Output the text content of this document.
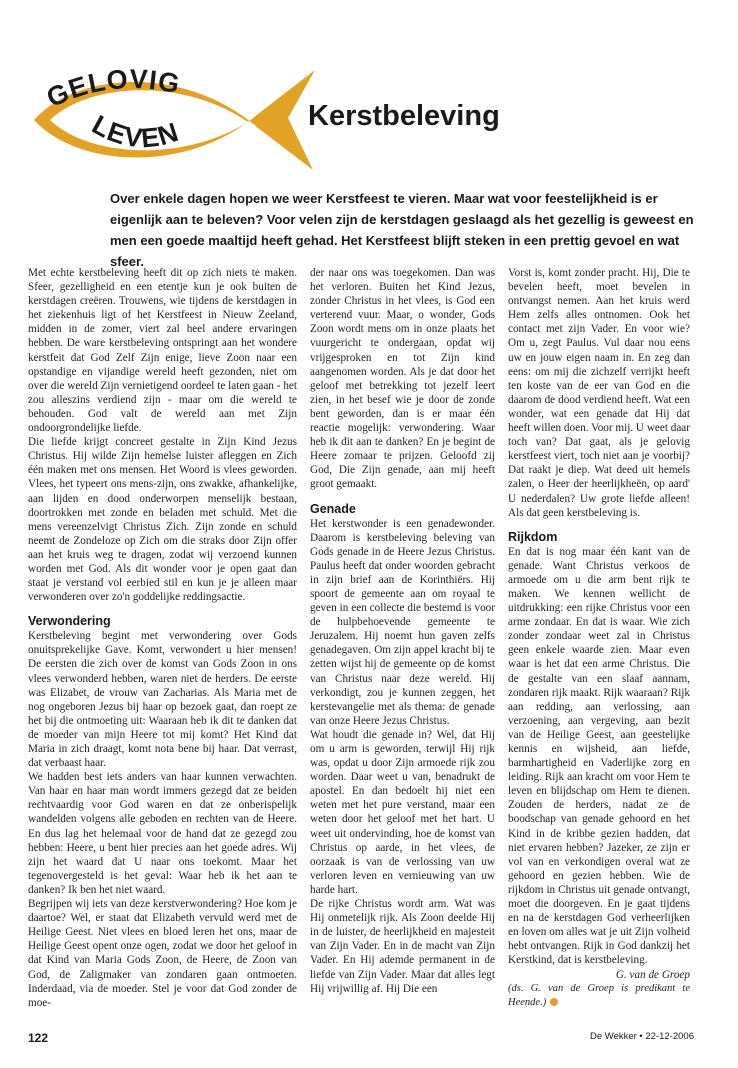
GELOVIG
LEVEN
Kerstbeleving

Over enkele dagen hopen we weer Kerstfeest te vieren. Maar wat voor feestelijkheid is er eigenlijk aan te beleven? Voor velen zijn de kerstdagen geslaagd als het gezellig is geweest en men een goede maaltijd heeft gehad. Het Kerstfeest blijft steken in een prettig gevoel en wat sfeer.

Met echte kerstbeleving heeft dit op zich niets te maken. Sfeer, gezelligheid en een etentje kun je ook buiten de kerstdagen creëren. Trouwens, wie tijdens de kerstdagen in het ziekenhuis ligt of het Kerstfeest in Nieuw Zeeland, midden in de zomer, viert zal heel andere ervaringen hebben. De ware kerstbeleving ontspringt aan het wondere kerstfeit dat God Zelf Zijn enige, lieve Zoon naar een opstandige en vijandige wereld heeft gezonden, niet om over die wereld Zijn vernietigend oordeel te laten gaan - het zou alleszins verdiend zijn - maar om die wereld te behouden. God valt de wereld aan met Zijn ondoorgrondelijke liefde.

Die liefde krijgt concreet gestalte in Zijn Kind Jezus Christus. Hij wilde Zijn hemelse luister afleggen en Zich één maken met ons mensen. Het Woord is vlees geworden. Vlees, het typeert ons mens-zijn, ons zwakke, afhankelijke, aan lijden en dood onderworpen menselijk bestaan, doortrokken met zonde en beladen met schuld. Met die mens vereenzelvigt Christus Zich. Zijn zonde en schuld neemt de Zondeloze op Zich om die straks door Zijn offer aan het kruis weg te dragen, zodat wij verzoend kunnen worden met God. Als dit wonder voor je open gaat dan staat je verstand vol eerbied stil en kun je je alleen maar verwonderen over zo'n goddelijke reddingsactie.

Verwondering

Kerstbeleving begint met verwondering over Gods onuitsprekelijke Gave. Komt, verwondert u hier mensen! De eersten die zich over de komst van Gods Zoon in ons vlees verwonderd hebben, waren niet de herders. De eerste was Elizabet, de vrouw van Zacharias. Als Maria met de nog ongeboren Jezus bij haar op bezoek gaat, dan roept ze het bij die ontmoeting uit: Waaraan heb ik dit te danken dat de moeder van mijn Heere tot mij komt? Het Kind dat Maria in zich draagt, komt nota bene bij haar. Dat verrast, dat verbaast haar.

We hadden best iets anders van haar kunnen verwachten. Van haar en haar man wordt immers gezegd dat ze beiden rechtvaardig voor God waren en dat ze onberispelijk wandelden volgens alle geboden en rechten van de Heere. En dus lag het helemaal voor de hand dat ze gezegd zou hebben: Heere, u bent hier precies aan het goede adres. Wij zijn het waard dat U naar ons toekomt. Maar het tegenovergesteld is het geval: Waar heb ik het aan te danken? Ik ben het niet waard.

Begrijpen wij iets van deze kerstverwondering? Hoe kom je daartoe? Wel, er staat dat Elizabeth vervuld werd met de Heilige Geest. Niet vlees en bloed leren het ons, maar de Heilige Geest opent onze ogen, zodat we door het geloof in dat Kind van Maria Gods Zoon, de Heere, de Zoon van God, de Zaligmaker van zondaren gaan ontmoeten. Inderdaad, via de moeder. Stel je voor dat God zonder de moe-

der naar ons was toegekomen. Dan was het verloren. Buiten het Kind Jezus, zonder Christus in het vlees, is God een verterend vuur. Maar, o wonder, Gods Zoon wordt mens om in onze plaats het vuurgericht te ondergaan, opdat wij vrijgesproken en tot Zijn kind aangenomen worden. Als je dat door het geloof met betrekking tot jezelf leert zien, in het besef wie je door de zonde bent geworden, dan is er maar één reactie mogelijk: verwondering. Waar heb ik dit aan te danken? En je begint de Heere zomaar te prijzen. Geloofd zij God, Die Zijn genade, aan mij heeft groot gemaakt.

Genade

Het kerstwonder is een genadewonder. Daarom is kerstbeleving beleving van Gods genade in de Heere Jezus Christus. Paulus heeft dat onder woorden gebracht in zijn brief aan de Korinthiërs. Hij spoort de gemeente aan om royaal te geven in een collecte die bestemd is voor de hulpbehoevende gemeente te Jeruzalem. Hij noemt hun gaven zelfs genadegaven. Om zijn appel kracht bij te zetten wijst hij de gemeente op de komst van Christus naar deze wereld. Hij verkondigt, zou je kunnen zeggen, het kerstevangelie met als thema: de genade van onze Heere Jezus Christus.

Wat houdt die genade in? Wel, dat Hij om u arm is geworden, terwijl Hij rijk was, opdat u door Zijn armoede rijk zou worden. Daar weet u van, benadrukt de apostel. En dan bedoelt hij niet een weten met het pure verstand, maar een weten door het geloof met het hart. U weet uit ondervinding, hoe de komst van Christus op aarde, in het vlees, de oorzaak is van de verlossing van uw verloren leven en vernieuwing van uw harde hart.

De rijke Christus wordt arm. Wat was Hij onmetelijk rijk. Als Zoon deelde Hij in de luister, de heerlijkheid en majesteit van Zijn Vader. En in de macht van Zijn Vader. En Hij ademde permanent in de liefde van Zijn Vader. Maar dat alles legt Hij vrijwillig af. Hij Die een

Vorst is, komt zonder pracht. Hij, Die te bevelen heeft, moet bevelen in ontvangst nemen. Aan het kruis werd Hem zelfs alles ontnomen. Ook het contact met zijn Vader. En voor wie? Om u, zegt Paulus. Vul daar nou eens uw en jouw eigen naam in. En zeg dan eens: om mij die zichzelf verrijkt heeft ten koste van de eer van God en die daarom de dood verdiend heeft. Wat een wonder, wat een genade dat Hij dat heeft willen doen. Voor mij. U weet daar toch van? Dat gaat, als je gelovig kerstfeest viert, toch niet aan je voorbij? Dat raakt je diep. Wat deed uit hemels zalen, o Heer der heerlijkheën, op aard' U nederdalen? Uw grote liefde alleen! Als dat geen kerstbeleving is.

Rijkdom

En dat is nog maar één kant van de genade. Want Christus verkoos de armoede om u die arm bent rijk te maken. We kennen wellicht de uitdrukking: een rijke Christus voor een arme zondaar. En dat is waar. Wie zich zonder zondaar weet zal in Christus geen enkele waarde zien. Maar even waar is het dat een arme Christus. Die de gestalte van een slaaf aannam, zondaren rijk maakt. Rijk waaraan? Rijk aan redding, aan verlossing, aan verzoening, aan vergeving, aan bezit van de Heilige Geest, aan geestelijke kennis en wijsheid, aan liefde, barmhartigheid en Vaderlijke zorg en leiding. Rijk aan kracht om voor Hem te leven en blijdschap om Hem te dienen. Zouden de herders, nadat ze de boodschap van genade gehoord en het Kind in de kribbe gezien hadden, dat niet ervaren hebben? Jazeker, ze zijn er vol van en verkondigen overal wat ze gehoord en gezien hebben. Wie de rijkdom in Christus uit genade ontvangt, moet die doorgeven. En je gaat tijdens en na de kerstdagen God verheerlijken en loven om alles wat je uit Zijn volheid hebt ontvangen. Rijk in God dankzij het Kerstkind, dat is kerstbeleving.

G. van de Groep

(ds. G. van de Groep is predikant te Heende.)

122	De Wekker • 22-12-2006
